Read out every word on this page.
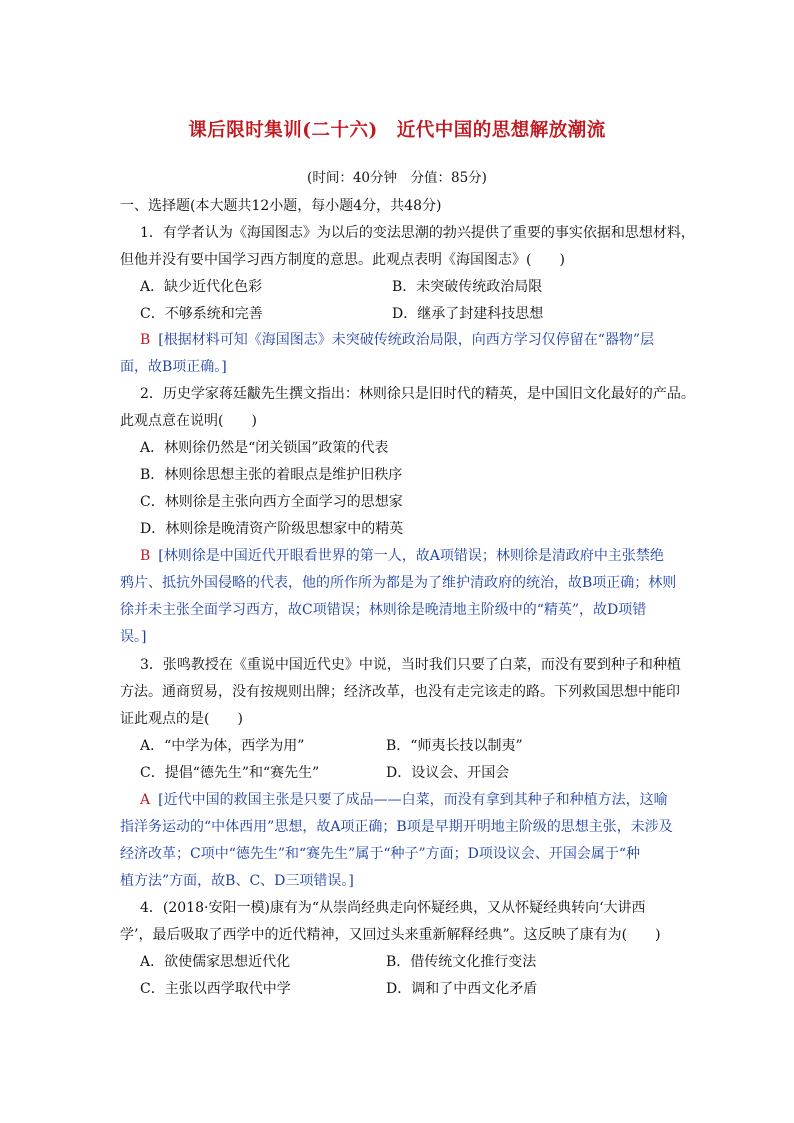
课后限时集训(二十六)　近代中国的思想解放潮流
(时间：40分钟　分值：85分)
一、选择题(本大题共12小题，每小题4分，共48分)
1．有学者认为《海国图志》为以后的变法思潮的勃兴提供了重要的事实依据和思想材料，
但他并没有要中国学习西方制度的意思。此观点表明《海国图志》(　　)
A．缺少近代化色彩	B．未突破传统政治局限
C．不够系统和完善	D．继承了封建科技思想
B [根据材料可知《海国图志》未突破传统政治局限，向西方学习仅停留在“器物”层
面，故B项正确。]
2．历史学家蒋廷黻先生撰文指出：林则徐只是旧时代的精英，是中国旧文化最好的产品。
此观点意在说明(　　)
A．林则徐仍然是“闭关锁国”政策的代表
B．林则徐思想主张的着眼点是维护旧秩序
C．林则徐是主张向西方全面学习的思想家
D．林则徐是晚清资产阶级思想家中的精英
B [林则徐是中国近代开眼看世界的第一人，故A项错误；林则徐是清政府中主张禁绝
鸦片、抵抗外国侵略的代表，他的所作所为都是为了维护清政府的统治，故B项正确；林则
徐并未主张全面学习西方，故C项错误；林则徐是晚清地主阶级中的“精英”，故D项错
误。]
3．张鸣教授在《重说中国近代史》中说，当时我们只要了白菜，而没有要到种子和种植
方法。通商贸易，没有按规则出牌；经济改革，也没有走完该走的路。下列救国思想中能印
证此观点的是(　　)
A．“中学为体，西学为用”	B．“师夷长技以制夷”
C．提倡“德先生”和“赛先生”	D．设议会、开国会
A [近代中国的救国主张是只要了成品——白菜，而没有拿到其种子和种植方法，这喻
指洋务运动的“中体西用”思想，故A项正确；B项是早期开明地主阶级的思想主张，未涉及
经济改革；C项中“德先生”和“赛先生”属于“种子”方面；D项设议会、开国会属于“种
植方法”方面，故B、C、D三项错误。]
4．(2018·安阳一模)康有为“从崇尚经典走向怀疑经典，又从怀疑经典转向‘大讲西
学’，最后吸取了西学中的近代精神，又回过头来重新解释经典”。这反映了康有为(　　)
A．欲使儒家思想近代化	B．借传统文化推行变法
C．主张以西学取代中学	D．调和了中西文化矛盾
